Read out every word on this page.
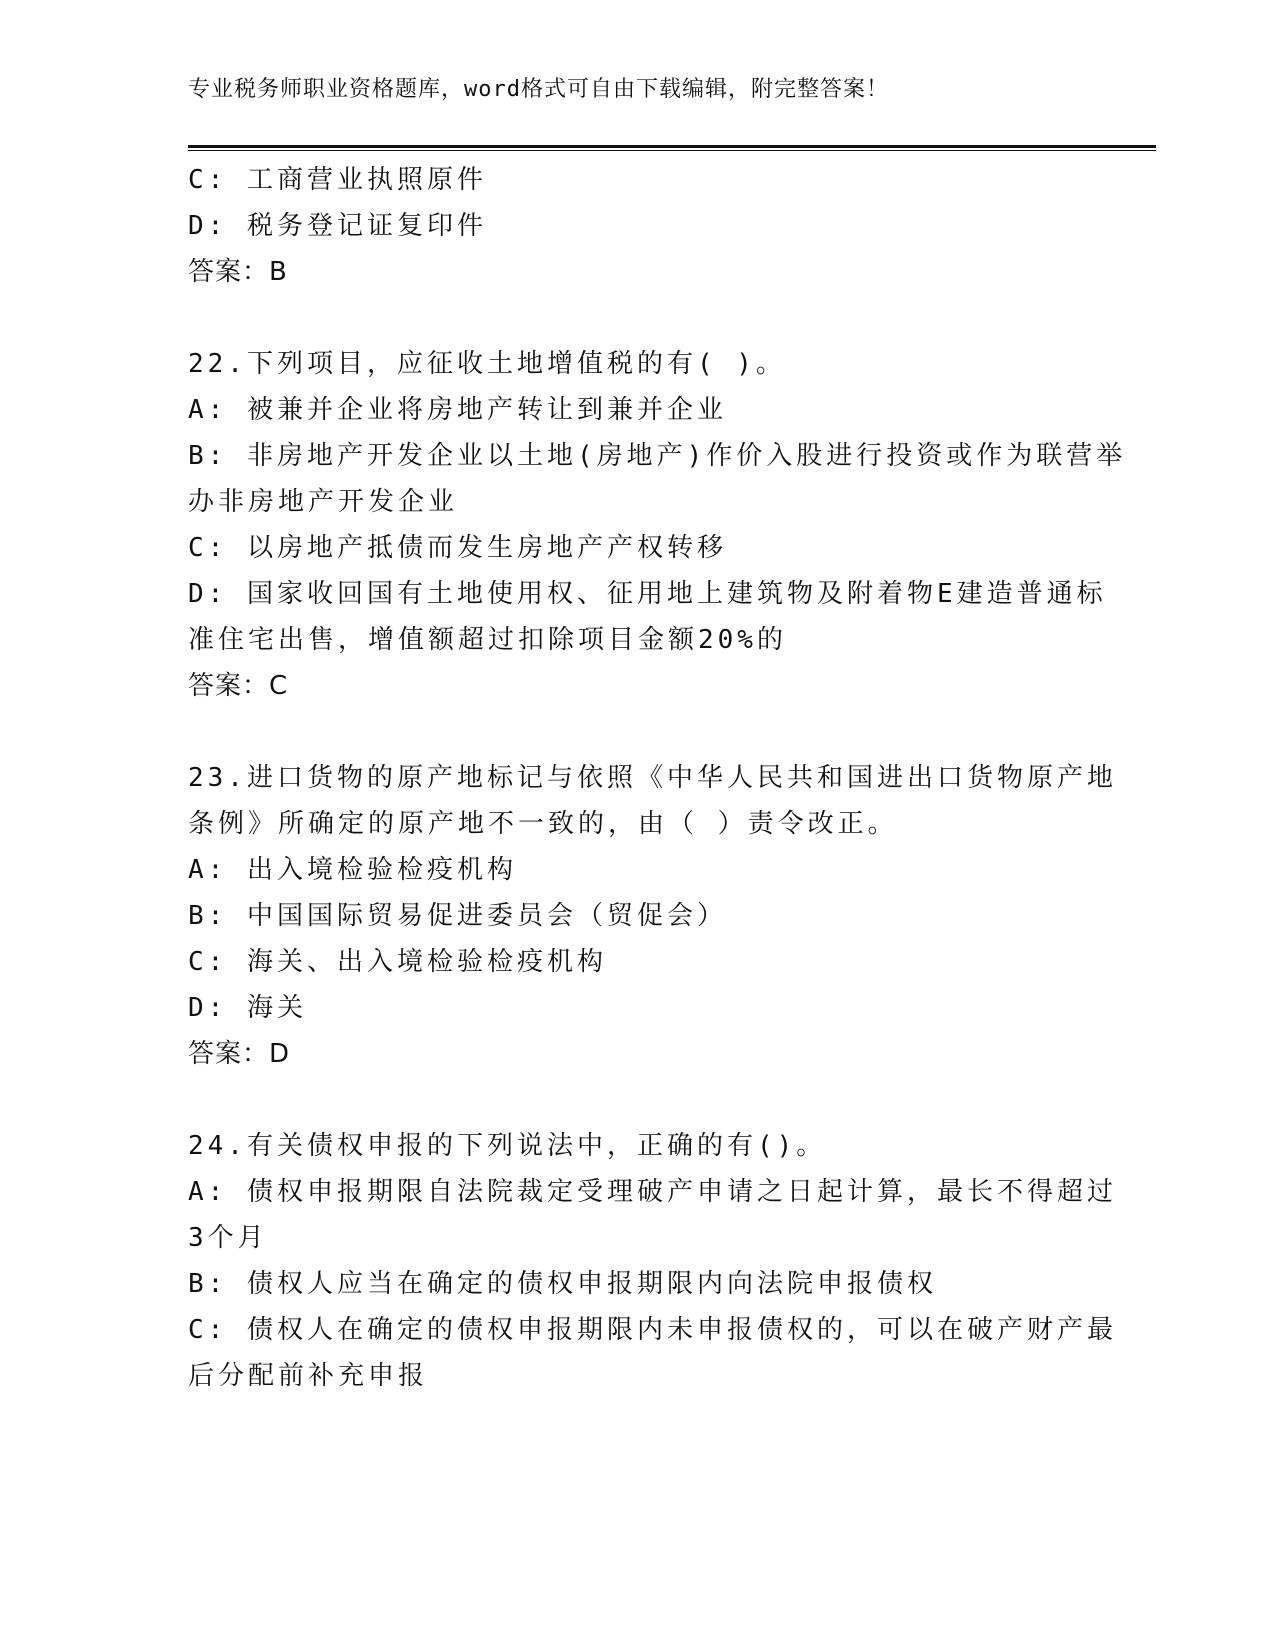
专业税务师职业资格题库，word格式可自由下载编辑，附完整答案！
C: 工商营业执照原件
D: 税务登记证复印件
答案：B
22.下列项目，应征收土地增值税的有( )。
A: 被兼并企业将房地产转让到兼并企业
B: 非房地产开发企业以土地(房地产)作价入股进行投资或作为联营举
办非房地产开发企业
C: 以房地产抵债而发生房地产产权转移
D: 国家收回国有土地使用权、征用地上建筑物及附着物E建造普通标
准住宅出售，增值额超过扣除项目金额20%的
答案：C
23.进口货物的原产地标记与依照《中华人民共和国进出口货物原产地
条例》所确定的原产地不一致的，由（ ）责令改正。
A: 出入境检验检疫机构
B: 中国国际贸易促进委员会（贸促会）
C: 海关、出入境检验检疫机构
D: 海关
答案：D
24.有关债权申报的下列说法中，正确的有()。
A: 债权申报期限自法院裁定受理破产申请之日起计算，最长不得超过
3个月
B: 债权人应当在确定的债权申报期限内向法院申报债权
C: 债权人在确定的债权申报期限内未申报债权的，可以在破产财产最
后分配前补充申报
